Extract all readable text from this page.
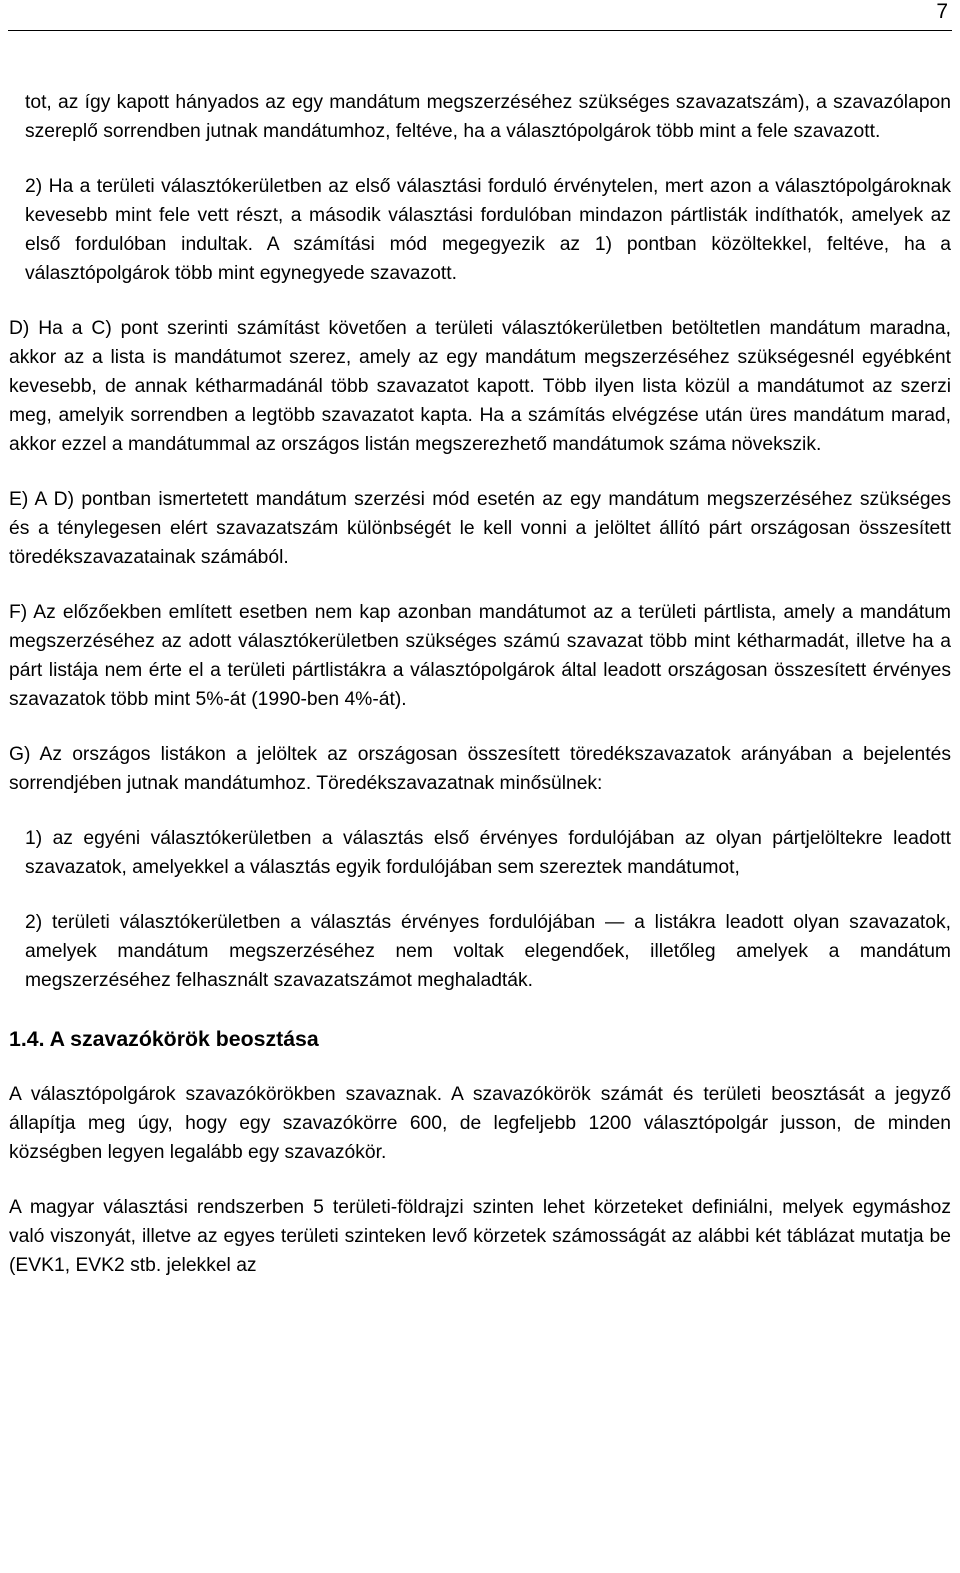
7

tot, az így kapott hányados az egy mandátum megszerzéséhez szükséges szavazatszám), a szavazólapon szereplő sorrendben jutnak mandátumhoz, feltéve, ha a választópolgárok több mint a fele szavazott.

2) Ha a területi választókerületben az első választási forduló érvénytelen, mert azon a választópolgároknak kevesebb mint fele vett részt, a második választási fordulóban mindazon pártlisták indíthatók, amelyek az első fordulóban indultak. A számítási mód megegyezik az 1) pontban közöltekkel, feltéve, ha a választópolgárok több mint egynegyede szavazott.

D) Ha a C) pont szerinti számítást követően a területi választókerületben betöltetlen mandátum maradna, akkor az a lista is mandátumot szerez, amely az egy mandátum megszerzéséhez szükségesnél egyébként kevesebb, de annak kétharmadánál több szavazatot kapott. Több ilyen lista közül a mandátumot az szerzi meg, amelyik sorrendben a legtöbb szavazatot kapta. Ha a számítás elvégzése után üres mandátum marad, akkor ezzel a mandátummal az országos listán megszerezhető mandátumok száma növekszik.

E) A D) pontban ismertetett mandátum szerzési mód esetén az egy mandátum megszerzéséhez szükséges és a ténylegesen elért szavazatszám különbségét le kell vonni a jelöltet állító párt országosan összesített töredékszavazatainak számából.

F) Az előzőekben említett esetben nem kap azonban mandátumot az a területi pártlista, amely a mandátum megszerzéséhez az adott választókerületben szükséges számú szavazat több mint kétharmadát, illetve ha a párt listája nem érte el a területi pártlistákra a választópolgárok által leadott országosan összesített érvényes szavazatok több mint 5%-át (1990-ben 4%-át).

G) Az országos listákon a jelöltek az országosan összesített töredékszavazatok arányában a bejelentés sorrendjében jutnak mandátumhoz. Töredékszavazatnak minősülnek:

1) az egyéni választókerületben a választás első érvényes fordulójában az olyan pártjelöltekre leadott szavazatok, amelyekkel a választás egyik fordulójában sem szereztek mandátumot,

2) területi választókerületben a választás érvényes fordulójában — a listákra leadott olyan szavazatok, amelyek mandátum megszerzéséhez nem voltak elegendőek, illetőleg amelyek a mandátum megszerzéséhez felhasznált szavazatszámot meghaladták.

1.4. A szavazókörök beosztása

A választópolgárok szavazókörökben szavaznak. A szavazókörök számát és területi beosztását a jegyző állapítja meg úgy, hogy egy szavazókörre 600, de legfeljebb 1200 választópolgár jusson, de minden községben legyen legalább egy szavazókör.

A magyar választási rendszerben 5 területi-földrajzi szinten lehet körzeteket definiálni, melyek egymáshoz való viszonyát, illetve az egyes területi szinteken levő körzetek számosságát az alábbi két táblázat mutatja be (EVK1, EVK2 stb. jelekkel az
